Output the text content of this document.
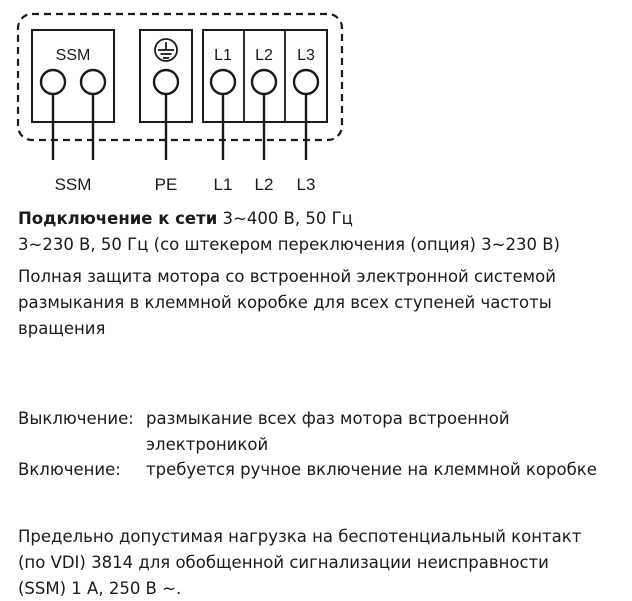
SSM	L1 L2 L3
SSM	PE L1 L2 L3
Подключение к сети 3~400 В, 50 Гц
3~230 В, 50 Гц (со штекером переключения (опция) 3~230 В)
Полная защита мотора со встроенной электронной системой
размыкания в клеммной коробке для всех ступеней частоты
вращения
Выключение: размыкание всех фаз мотора встроенной
электроникой
Включение:	требуется ручное включение на клеммной коробке
Предельно допустимая нагрузка на беспотенциальный контакт
(по VDI) 3814 для обобщенной сигнализации неисправности
(SSM) 1 А, 250 В ~.
